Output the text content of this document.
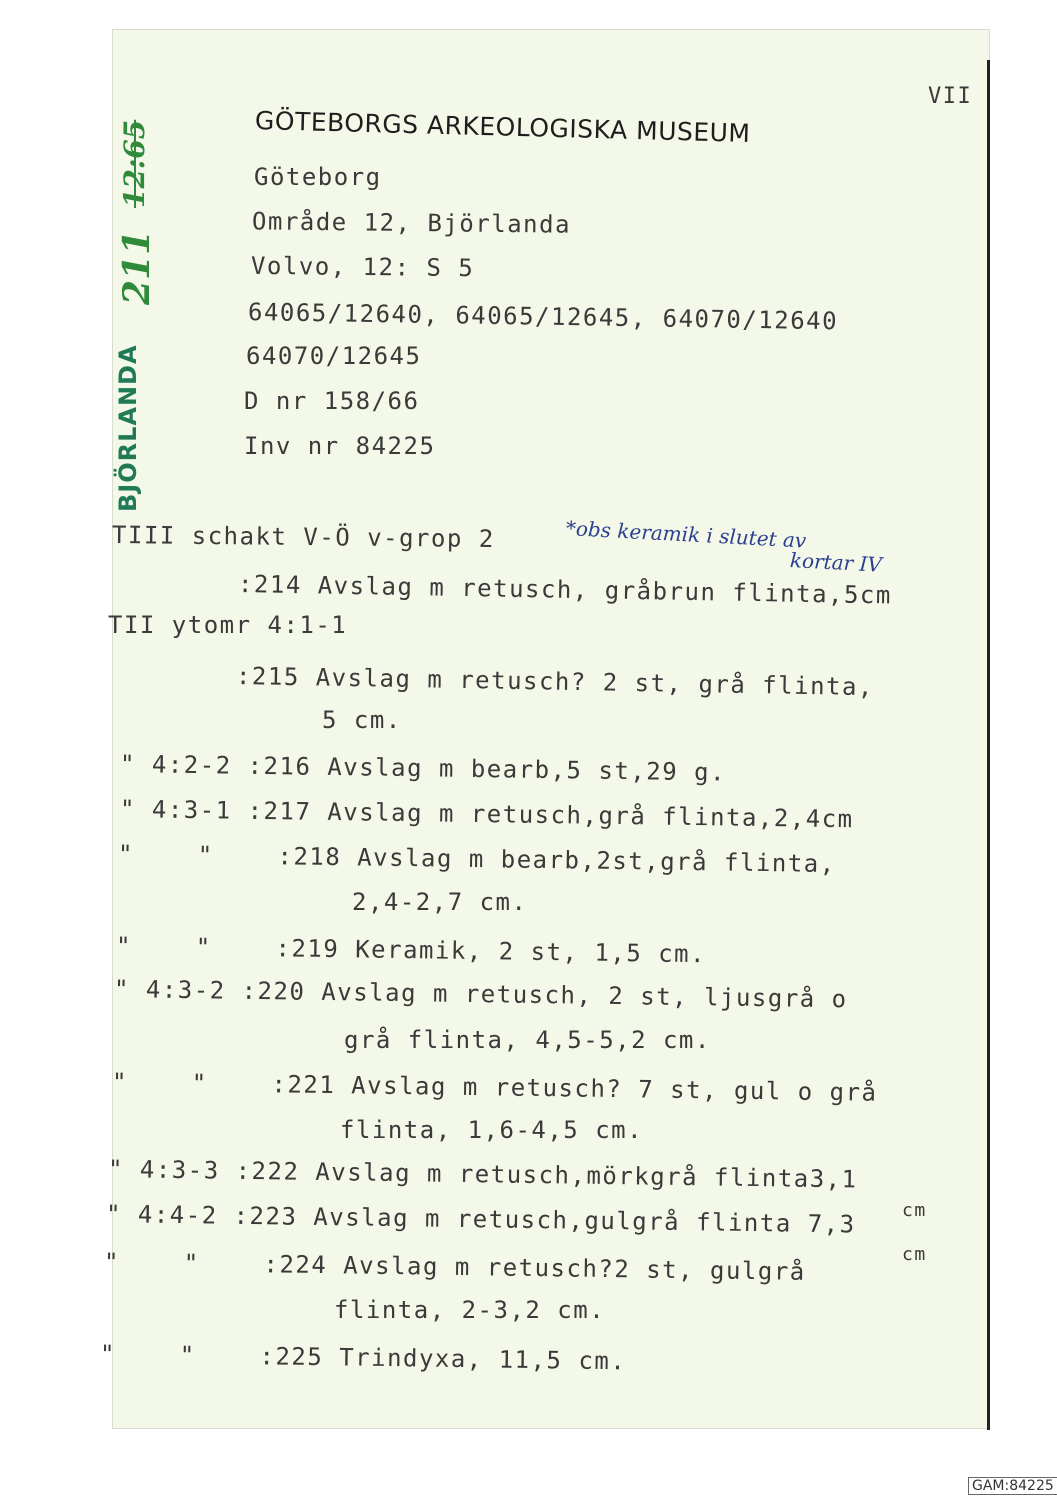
VII
GÖTEBORGS ARKEOLOGISKA MUSEUM
Göteborg
Område 12, Björlanda
Volvo, 12: S 5
64065/12640, 64065/12645, 64070/12640
64070/12645
D nr 158/66
Inv nr 84225
BJÖRLANDA
211
12:65
*obs keramik i slutet av
kortar IV
TIII schakt V-Ö v-grop 2
:214 Avslag m retusch, gråbrun flinta,5cm
TII ytomr 4:1-1
:215 Avslag m retusch? 2 st, grå flinta,
5 cm.
" 4:2-2 :216 Avslag m bearb,5 st,29 g.
" 4:3-1 :217 Avslag m retusch,grå flinta,2,4cm
"    "    :218 Avslag m bearb,2st,grå flinta,
2,4-2,7 cm.
"    "    :219 Keramik, 2 st, 1,5 cm.
" 4:3-2 :220 Avslag m retusch, 2 st, ljusgrå o
grå flinta, 4,5-5,2 cm.
"    "    :221 Avslag m retusch? 7 st, gul o grå
flinta, 1,6-4,5 cm.
" 4:3-3 :222 Avslag m retusch,mörkgrå flinta3,1
cm
" 4:4-2 :223 Avslag m retusch,gulgrå flinta 7,3
cm
"    "    :224 Avslag m retusch?2 st, gulgrå
flinta, 2-3,2 cm.
"    "    :225 Trindyxa, 11,5 cm.
GAM:84225
